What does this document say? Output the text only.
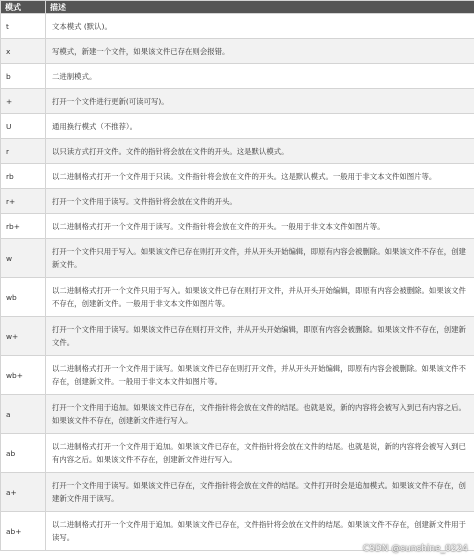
模式	描述
t	文本模式 (默认)。
x	写模式，新建一个文件，如果该文件已存在则会报错。
b	二进制模式。
+	打开一个文件进行更新(可读可写)。
U	通用换行模式（不推荐）。
r	以只读方式打开文件。文件的指针将会放在文件的开头。这是默认模式。
rb	以二进制格式打开一个文件用于只读。文件指针将会放在文件的开头。这是默认模式。一般用于非文本文件如图片等。
r+	打开一个文件用于读写。文件指针将会放在文件的开头。
rb+	以二进制格式打开一个文件用于读写。文件指针将会放在文件的开头。一般用于非文本文件如图片等。
w	打开一个文件只用于写入。如果该文件已存在则打开文件，并从开头开始编辑，即原有内容会被删除。如果该文件不存在，创建新文件。
wb	以二进制格式打开一个文件只用于写入。如果该文件已存在则打开文件，并从开头开始编辑，即原有内容会被删除。如果该文件不存在，创建新文件。一般用于非文本文件如图片等。
w+	打开一个文件用于读写。如果该文件已存在则打开文件，并从开头开始编辑，即原有内容会被删除。如果该文件不存在，创建新文件。
wb+	以二进制格式打开一个文件用于读写。如果该文件已存在则打开文件，并从开头开始编辑，即原有内容会被删除。如果该文件不存在，创建新文件。一般用于非文本文件如图片等。
a	打开一个文件用于追加。如果该文件已存在，文件指针将会放在文件的结尾。也就是说，新的内容将会被写入到已有内容之后。如果该文件不存在，创建新文件进行写入。
ab	以二进制格式打开一个文件用于追加。如果该文件已存在，文件指针将会放在文件的结尾。也就是说，新的内容将会被写入到已有内容之后。如果该文件不存在，创建新文件进行写入。
a+	打开一个文件用于读写。如果该文件已存在，文件指针将会放在文件的结尾。文件打开时会是追加模式。如果该文件不存在，创建新文件用于读写。
ab+	以二进制格式打开一个文件用于追加。如果该文件已存在，文件指针将会放在文件的结尾。如果该文件不存在，创建新文件用于读写。
CSDN @sunshine_0224
